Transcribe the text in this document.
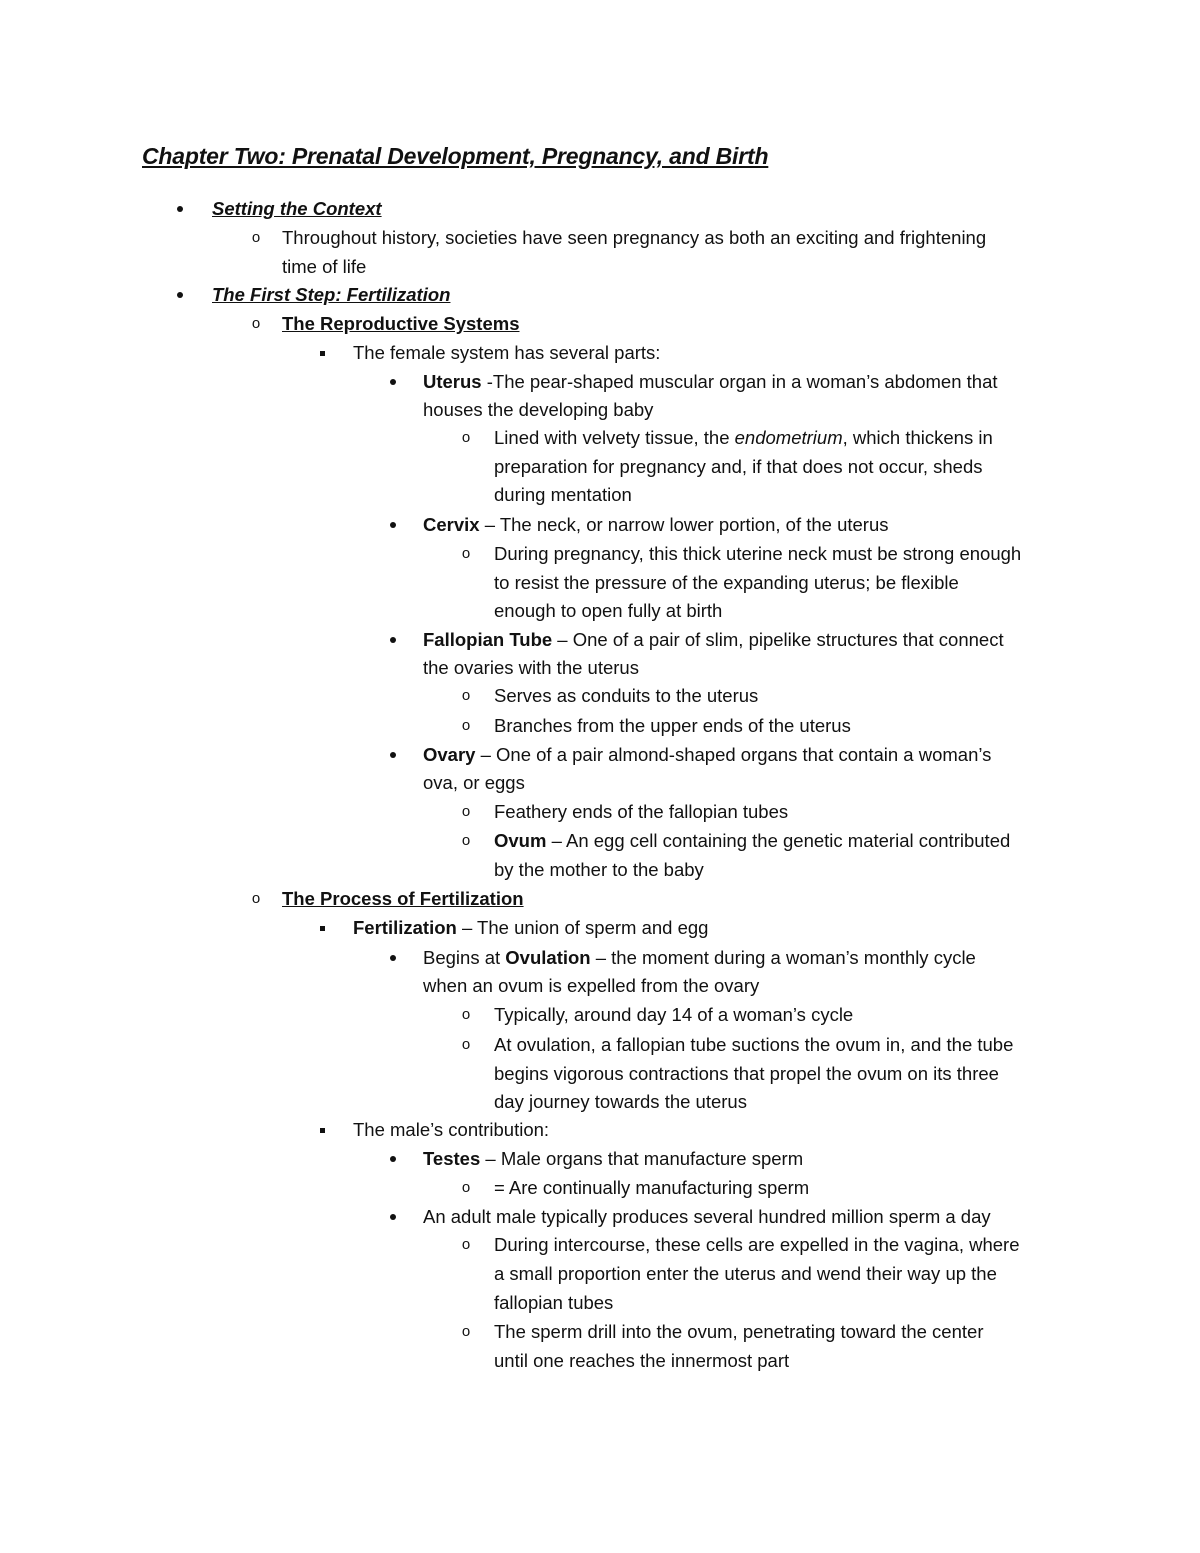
Chapter Two: Prenatal Development, Pregnancy, and Birth
Setting the Context
o	Throughout history, societies have seen pregnancy as both an exciting and frightening
time of life
The First Step: Fertilization
o	The Reproductive Systems
The female system has several parts:
Uterus -The pear-shaped muscular organ in a woman’s abdomen that
houses the developing baby
o	Lined with velvety tissue, the endometrium, which thickens in
preparation for pregnancy and, if that does not occur, sheds
during mentation
Cervix – The neck, or narrow lower portion, of the uterus
o	During pregnancy, this thick uterine neck must be strong enough
to resist the pressure of the expanding uterus; be flexible
enough to open fully at birth
Fallopian Tube – One of a pair of slim, pipelike structures that connect
the ovaries with the uterus
o	Serves as conduits to the uterus
o	Branches from the upper ends of the uterus
Ovary – One of a pair almond-shaped organs that contain a woman’s
ova, or eggs
o	Feathery ends of the fallopian tubes
o	Ovum – An egg cell containing the genetic material contributed
by the mother to the baby
o	The Process of Fertilization
Fertilization – The union of sperm and egg
Begins at Ovulation – the moment during a woman’s monthly cycle
when an ovum is expelled from the ovary
o	Typically, around day 14 of a woman’s cycle
o	At ovulation, a fallopian tube suctions the ovum in, and the tube
begins vigorous contractions that propel the ovum on its three
day journey towards the uterus
The male’s contribution:
Testes – Male organs that manufacture sperm
o	= Are continually manufacturing sperm
An adult male typically produces several hundred million sperm a day
o	During intercourse, these cells are expelled in the vagina, where
a small proportion enter the uterus and wend their way up the
fallopian tubes
o	The sperm drill into the ovum, penetrating toward the center
until one reaches the innermost part
